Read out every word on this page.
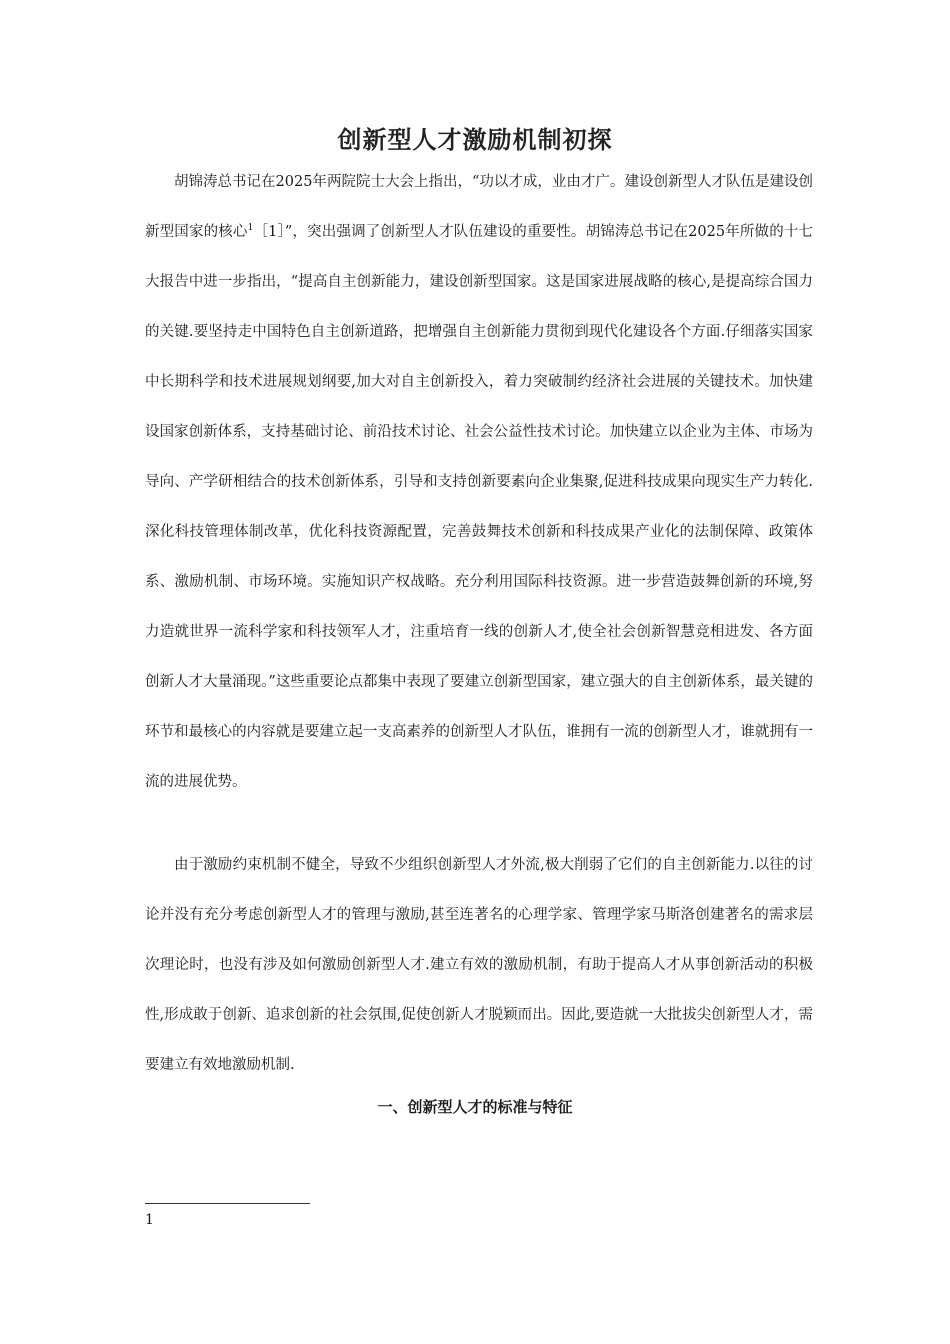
创新型人才激励机制初探

胡锦涛总书记在2025年两院院士大会上指出，“功以才成，业由才广。建设创新型人才队伍是建设创新型国家的核心$^1$［1］”，突出强调了创新型人才队伍建设的重要性。胡锦涛总书记在2025年所做的十七大报告中进一步指出，“提高自主创新能力，建设创新型国家。这是国家进展战略的核心,是提高综合国力的关键.要坚持走中国特色自主创新道路，把增强自主创新能力贯彻到现代化建设各个方面.仔细落实国家中长期科学和技术进展规划纲要,加大对自主创新投入，着力突破制约经济社会进展的关键技术。加快建设国家创新体系，支持基础讨论、前沿技术讨论、社会公益性技术讨论。加快建立以企业为主体、市场为导向、产学研相结合的技术创新体系，引导和支持创新要素向企业集聚,促进科技成果向现实生产力转化.深化科技管理体制改革，优化科技资源配置，完善鼓舞技术创新和科技成果产业化的法制保障、政策体系、激励机制、市场环境。实施知识产权战略。充分利用国际科技资源。进一步营造鼓舞创新的环境,努力造就世界一流科学家和科技领军人才，注重培育一线的创新人才,使全社会创新智慧竞相进发、各方面创新人才大量涌现。”这些重要论点都集中表现了要建立创新型国家，建立强大的自主创新体系，最关键的环节和最核心的内容就是要建立起一支高素养的创新型人才队伍，谁拥有一流的创新型人才，谁就拥有一流的进展优势。

由于激励约束机制不健全，导致不少组织创新型人才外流,极大削弱了它们的自主创新能力.以往的讨论并没有充分考虑创新型人才的管理与激励,甚至连著名的心理学家、管理学家马斯洛创建著名的需求层次理论时，也没有涉及如何激励创新型人才.建立有效的激励机制，有助于提高人才从事创新活动的积极性,形成敢于创新、追求创新的社会氛围,促使创新人才脱颖而出。因此,要造就一大批拔尖创新型人才，需要建立有效地激励机制.

一、创新型人才的标准与特征
1
